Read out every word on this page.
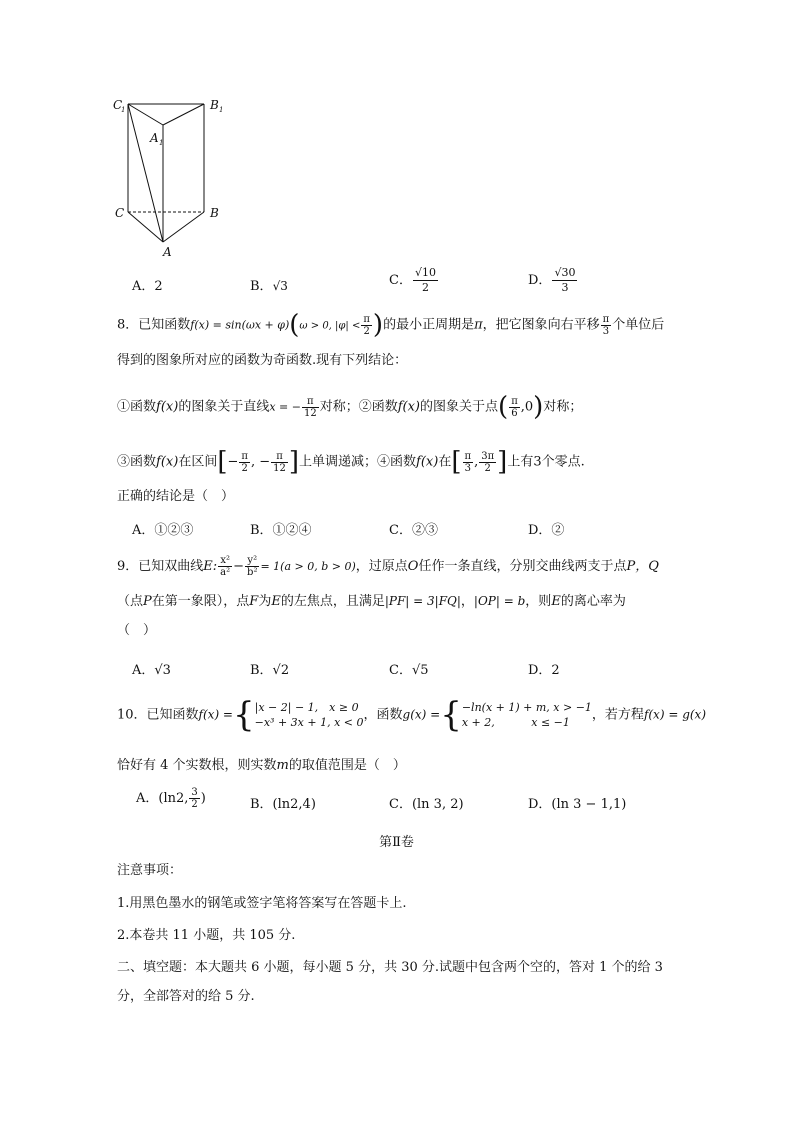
C
1	B 1
A 1
C	B
A
A．2	B．√3	C． $\frac{√10}{2}$	D． $\frac{√30}{3}$
8．已知函数f(x) = sin(ωx + φ)(ω > 0, $|\varphi| < \frac{\pi}{2}$ )的最小正周期是π，把它图象向右平移 $\frac{\pi}{3}$ 个单位后
得到的图象所对应的函数为奇函数.现有下列结论：
①函数f(x)的图象关于直线x = − $\frac{\pi}{12}$ 对称；②函数f(x)的图象关于点( $\frac{\pi}{6} ,0$)对称；
③函数f(x)在区间[− $\frac{\pi}{2}$ , − $\frac{\pi}{12}$ ]上单调递减；④函数f(x)在[ $\frac{\pi}{3}$ , $\frac{3\pi}{2}$ ]上有3个零点.
正确的结论是（　）
A．①②③	B．①②④	C．②③	D．②
9．已知双曲线E: $\frac{\text{x²}}{\text{a²}} - \frac{\text{y²}}{\text{b²}} = 1(a > 0$, b > 0)，过原点O任作一条直线，分别交曲线两支于点P，Q
（点P在第一象限），点F为E的左焦点，且满足|PF| = 3|FQ|，|OP| = b，则E的离心率为
（　）
A．√3	B．√2	C．√5	D．2
10．已知函数f(x) ={ |x − 2| − 1,　x ≥ 0
−x³ + 3x + 1, x < 0 ，函数g(x) ={ −ln(x + 1) + m, x > −1
x + 2,　　　 x ≤ −1	，若方程f(x) = g(x)
恰好有 4 个实数根，则实数m的取值范围是（　）
A．(ln2, $\frac{3}{2}$ )	B．(ln2,4)	C．(ln 3, 2)	D．(ln 3 − 1,1)
第Ⅱ卷
注意事项：
1.用黑色墨水的钢笔或签字笔将答案写在答题卡上.
2.本卷共 11 小题，共 105 分.
二、填空题：本大题共 6 小题，每小题 5 分，共 30 分.试题中包含两个空的，答对 1 个的给 3
分，全部答对的给 5 分.
